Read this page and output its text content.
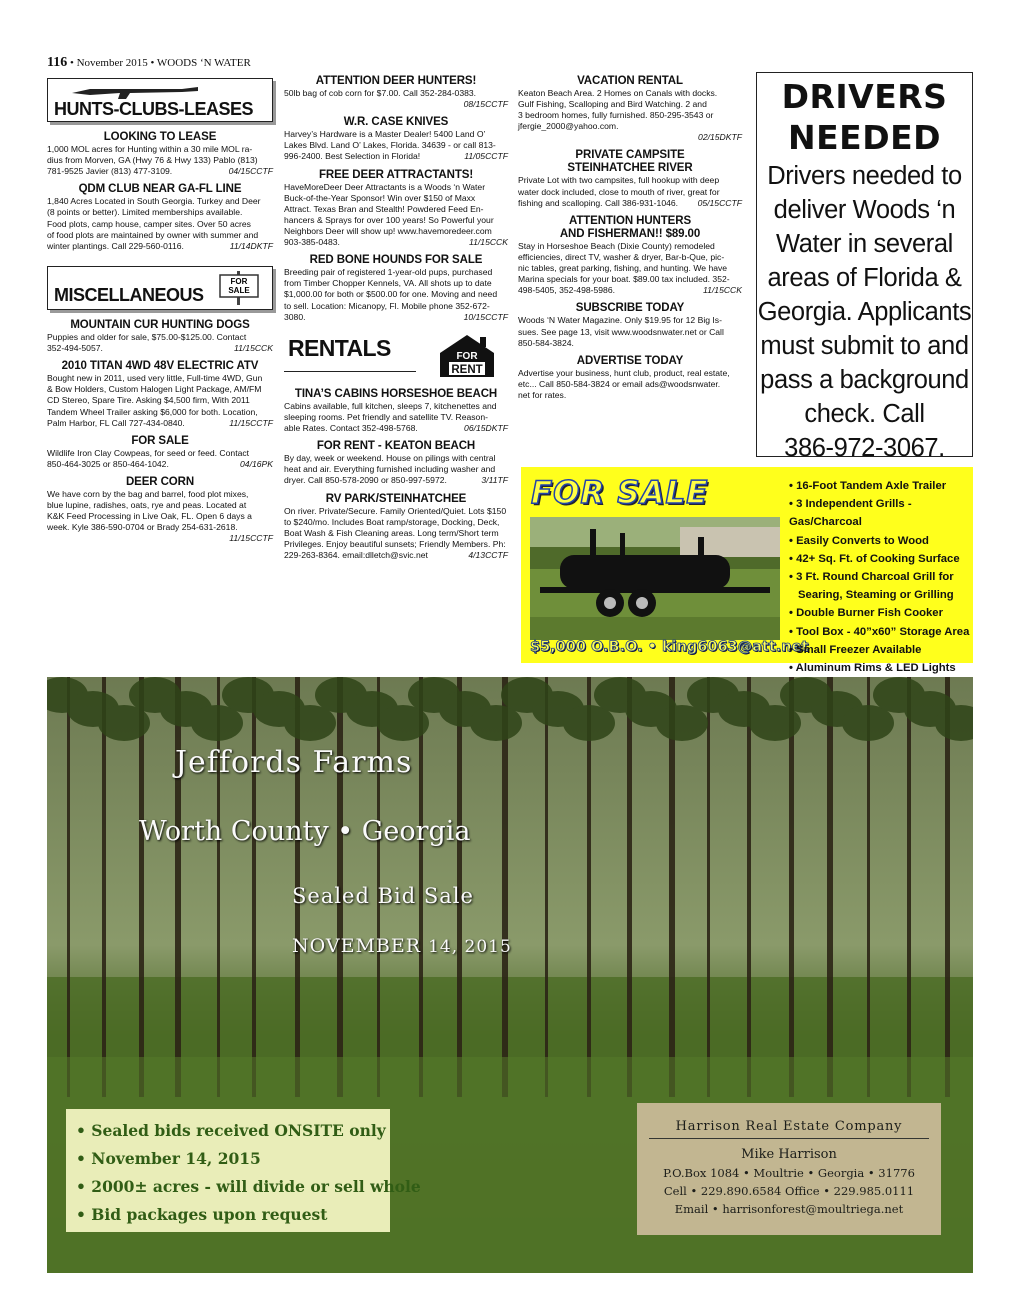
116 • November 2015 • WOODS ‘N WATER
HUNTS-CLUBS-LEASES
LOOKING TO LEASE
1,000 MOL acres for Hunting within a 30 mile MOL ra-
dius from Morven, GA (Hwy 76 & Hwy 133) Pablo (813)
781-9525 Javier (813) 477-3109.	04/15CCTF
QDM CLUB NEAR GA-FL LINE
1,840 Acres Located in South Georgia. Turkey and Deer
(8 points or better). Limited memberships available.
Food plots, camp house, camper sites. Over 50 acres
of food plots are maintained by owner with summer and
winter plantings. Call 229-560-0116.	11/14DKTF
MISCELLANEOUS
FOR
SALE
MOUNTAIN CUR HUNTING DOGS
Puppies and older for sale, $75.00-$125.00. Contact
352-494-5057.	11/15CCK
2010 TITAN 4WD 48V ELECTRIC ATV
Bought new in 2011, used very little, Full-time 4WD, Gun
& Bow Holders, Custom Halogen Light Package, AM/FM
CD Stereo, Spare Tire. Asking $4,500 firm, With 2011
Tandem Wheel Trailer asking $6,000 for both. Location,
Palm Harbor, FL Call 727-434-0840.	11/15CCTF
FOR SALE
Wildlife Iron Clay Cowpeas, for seed or feed. Contact
850-464-3025 or 850-464-1042.	04/16PK
DEER CORN
We have corn by the bag and barrel, food plot mixes,
blue lupine, radishes, oats, rye and peas. Located at
K&K Feed Processing in Live Oak, FL. Open 6 days a
week. Kyle 386-590-0704 or Brady 254-631-2618.
11/15CCTF
ATTENTION DEER HUNTERS!
50lb bag of cob corn for $7.00. Call 352-284-0383.
08/15CCTF
W.R. CASE KNIVES
Harvey’s Hardware is a Master Dealer! 5400 Land O’
Lakes Blvd. Land O’ Lakes, Florida. 34639 - or call 813-
996-2400. Best Selection in Florida!	11/05CCTF
FREE DEER ATTRACTANTS!
HaveMoreDeer Deer Attractants is a Woods ‘n Water
Buck-of-the-Year Sponsor! Win over $150 of Maxx
Attract. Texas Bran and Stealth! Powdered Feed En-
hancers & Sprays for over 100 years! So Powerful your
Neighbors Deer will show up! www.havemoredeer.com
903-385-0483.	11/15CCK
RED BONE HOUNDS FOR SALE
Breeding pair of registered 1-year-old pups, purchased
from Timber Chopper Kennels, VA. All shots up to date
$1,000.00 for both or $500.00 for one. Moving and need
to sell. Location: Micanopy, Fl. Mobile phone 352-672-
3080.	10/15CCTF
RENTALS	FOR
RENT
TINA’S CABINS HORSESHOE BEACH
Cabins available, full kitchen, sleeps 7, kitchenettes and
sleeping rooms. Pet friendly and satellite TV. Reason-
able Rates. Contact 352-498-5768.	06/15DKTF
FOR RENT - KEATON BEACH
By day, week or weekend. House on pilings with central
heat and air. Everything furnished including washer and
dryer. Call 850-578-2090 or 850-997-5972.	3/11TF
RV PARK/STEINHATCHEE
On river. Private/Secure. Family Oriented/Quiet. Lots $150
to $240/mo. Includes Boat ramp/storage, Docking, Deck,
Boat Wash & Fish Cleaning areas. Long term/Short term
Privileges. Enjoy beautiful sunsets; Friendly Members. Ph:
229-263-8364. email:dlletch@svic.net	4/13CCTF
VACATION RENTAL
Keaton Beach Area. 2 Homes on Canals with docks.
Gulf Fishing, Scalloping and Bird Watching. 2 and
3 bedroom homes, fully furnished. 850-295-3543 or
jfergie_2000@yahoo.com.
02/15DKTF
PRIVATE CAMPSITE
STEINHATCHEE RIVER
Private Lot with two campsites, full hookup with deep
water dock included, close to mouth of river, great for
fishing and scalloping. Call 386-931-1046.	05/15CCTF
ATTENTION HUNTERS
AND FISHERMAN!! $89.00
Stay in Horseshoe Beach (Dixie County) remodeled
efficiencies, direct TV, washer & dryer, Bar-b-Que, pic-
nic tables, great parking, fishing, and hunting. We have
Marina specials for your boat. $89.00 tax included. 352-
498-5405, 352-498-5986.	11/15CCK
SUBSCRIBE TODAY
Woods ‘N Water Magazine. Only $19.95 for 12 Big Is-
sues. See page 13, visit www.woodsnwater.net or Call
850-584-3824.
ADVERTISE TODAY
Advertise your business, hunt club, product, real estate,
etc... Call 850-584-3824 or email ads@woodsnwater.
net for rates.
DRIVERS
NEEDED
Drivers needed to
deliver Woods ‘n
Water in several
areas of Florida &
Georgia. Applicants
must submit to and
pass a background
check. Call
386-972-3067.
FOR SALE
$5,000 O.B.O. • king6063@att.net
• 16-Foot Tandem Axle Trailer
• 3 Independent Grills - Gas/Charcoal
• Easily Converts to Wood
• 42+ Sq. Ft. of Cooking Surface
• 3 Ft. Round Charcoal Grill for
Searing, Steaming or Grilling
• Double Burner Fish Cooker
• Tool Box - 40”x60” Storage Area
• Small Freezer Available
• Aluminum Rims & LED Lights
Jeffords Farms
Worth County • Georgia
Sealed Bid Sale
NOVEMBER 14, 2015
• Sealed bids received ONSITE only
• November 14, 2015
• 2000± acres - will divide or sell whole
• Bid packages upon request
Harrison Real Estate Company
Mike Harrison
P.O.Box 1084 • Moultrie • Georgia • 31776
Cell • 229.890.6584 Office • 229.985.0111
Email • harrisonforest@moultriega.net
